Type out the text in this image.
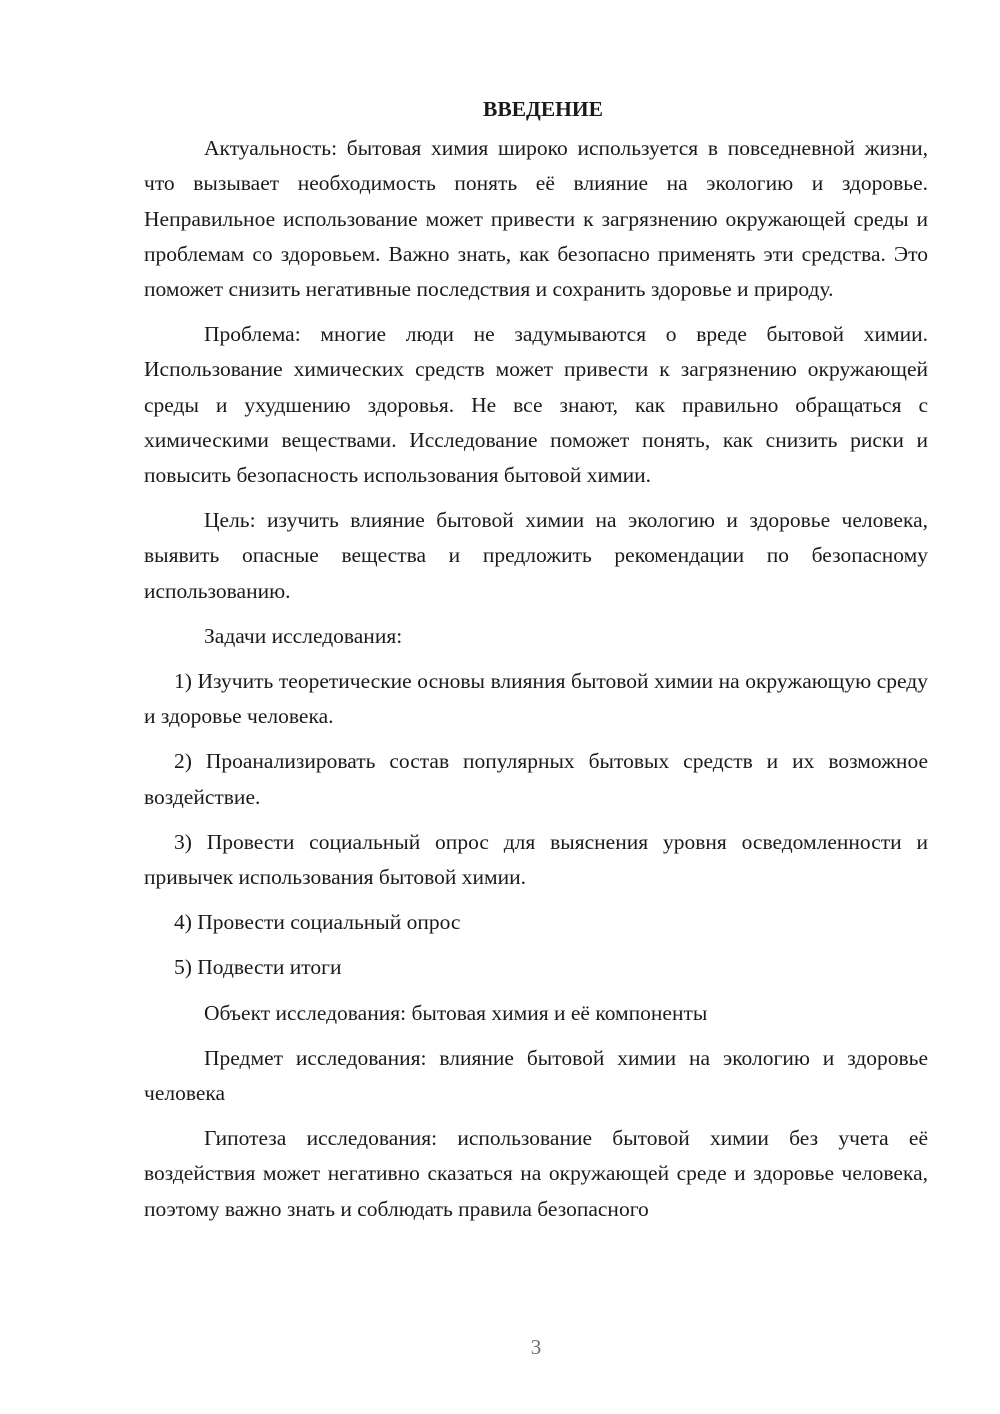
ВВЕДЕНИЕ

Актуальность: бытовая химия широко используется в повседневной жизни, что вызывает необходимость понять её влияние на экологию и здоровье. Неправильное использование может привести к загрязнению окружающей среды и проблемам со здоровьем. Важно знать, как безопасно применять эти средства. Это поможет снизить негативные последствия и сохранить здоровье и природу.

Проблема: многие люди не задумываются о вреде бытовой химии. Использование химических средств может привести к загрязнению окружающей среды и ухудшению здоровья. Не все знают, как правильно обращаться с химическими веществами. Исследование поможет понять, как снизить риски и повысить безопасность использования бытовой химии.

Цель: изучить влияние бытовой химии на экологию и здоровье человека, выявить опасные вещества и предложить рекомендации по безопасному использованию.

Задачи исследования:

1) Изучить теоретические основы влияния бытовой химии на окружающую среду и здоровье человека.

2) Проанализировать состав популярных бытовых средств и их возможное воздействие.

3) Провести социальный опрос для выяснения уровня осведомленности и привычек использования бытовой химии.

4) Провести социальный опрос

5) Подвести итоги

Объект исследования: бытовая химия и её компоненты

Предмет исследования: влияние бытовой химии на экологию и здоровье человека

Гипотеза исследования: использование бытовой химии без учета её воздействия может негативно сказаться на окружающей среде и здоровье человека, поэтому важно знать и соблюдать правила безопасного

3
